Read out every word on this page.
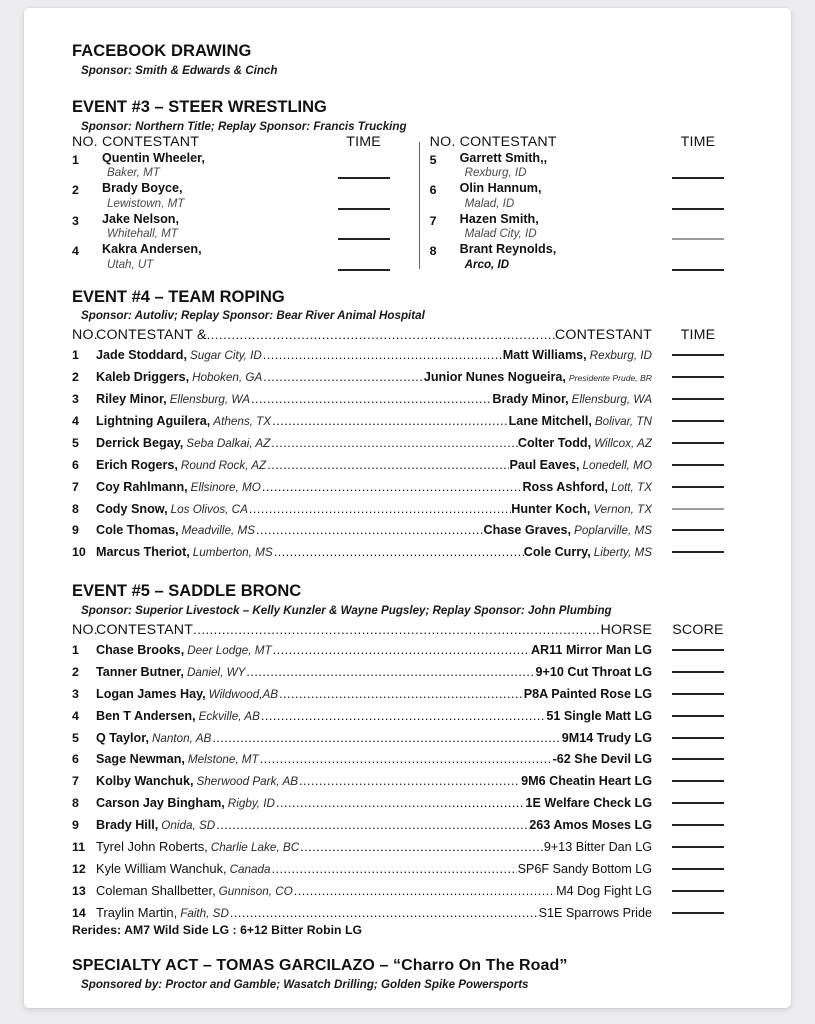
FACEBOOK DRAWING
Sponsor: Smith & Edwards & Cinch
EVENT #3 – STEER WRESTLING
Sponsor: Northern Title; Replay Sponsor: Francis Trucking
NO. CONTESTANT	TIME
1	Quentin Wheeler,
Baker, MT
2	Brady Boyce,
Lewistown, MT
3	Jake Nelson,
Whitehall, MT
4	Kakra Andersen,
Utah, UT
NO. CONTESTANT	TIME
5	Garrett Smith,,
Rexburg, ID
6	Olin Hannum,
Malad, ID
7	Hazen Smith,
Malad City, ID
8	Brant Reynolds,
Arco, ID
EVENT #4 – TEAM ROPING
Sponsor: Autoliv; Replay Sponsor: Bear River Animal Hospital
NO.
CONTESTANT & .....	CONTESTANT	TIME
1	Jade Stoddard, Sugar City, ID .....	Matt Williams, Rexburg, ID
2	Kaleb Driggers, Hoboken, GA .....	Junior Nunes Nogueira, Presidente Prude, BR
3	Riley Minor, Ellensburg, WA .....	Brady Minor, Ellensburg, WA
4	Lightning Aguilera, Athens, TX .....	Lane Mitchell, Bolivar, TN
5	Derrick Begay, Seba Dalkai, AZ .....	Colter Todd, Willcox, AZ
6	Erich Rogers, Round Rock, AZ .....	Paul Eaves, Lonedell, MO
7	Coy Rahlmann, Ellsinore, MO .....	Ross Ashford, Lott, TX
8	Cody Snow, Los Olivos, CA .....	Hunter Koch, Vernon, TX
9	Cole Thomas, Meadville, MS .....	Chase Graves, Poplarville, MS
10 Marcus Theriot, Lumberton, MS .....	Cole Curry, Liberty, MS
EVENT #5 – SADDLE BRONC
Sponsor: Superior Livestock – Kelly Kunzler & Wayne Pugsley; Replay Sponsor: John Plumbing
NO.
CONTESTANT .....	HORSE	SCORE
1	Chase Brooks, Deer Lodge, MT .....	AR11 Mirror Man LG
2	Tanner Butner, Daniel, WY .....	9+10 Cut Throat LG
3	Logan James Hay, Wildwood,AB .....	P8A Painted Rose LG
4	Ben T Andersen, Eckville, AB .....	51 Single Matt LG
5	Q Taylor, Nanton, AB .....	9M14 Trudy LG
6	Sage Newman, Melstone, MT .....	-62 She Devil LG
7	Kolby Wanchuk, Sherwood Park, AB .....	9M6 Cheatin Heart LG
8	Carson Jay Bingham, Rigby, ID .....	1E Welfare Check LG
9	Brady Hill, Onida, SD .....	263 Amos Moses LG
11 Tyrel John Roberts, Charlie Lake, BC .....	9+13 Bitter Dan LG
12 Kyle William Wanchuk, Canada .....	SP6F Sandy Bottom LG
13 Coleman Shallbetter, Gunnison, CO .....	M4 Dog Fight LG
14 Traylin Martin, Faith, SD .....	S1E Sparrows Pride
Rerides: AM7 Wild Side LG : 6+12 Bitter Robin LG
SPECIALTY ACT – TOMAS GARCILAZO – “Charro On The Road”
Sponsored by: Proctor and Gamble; Wasatch Drilling; Golden Spike Powersports
